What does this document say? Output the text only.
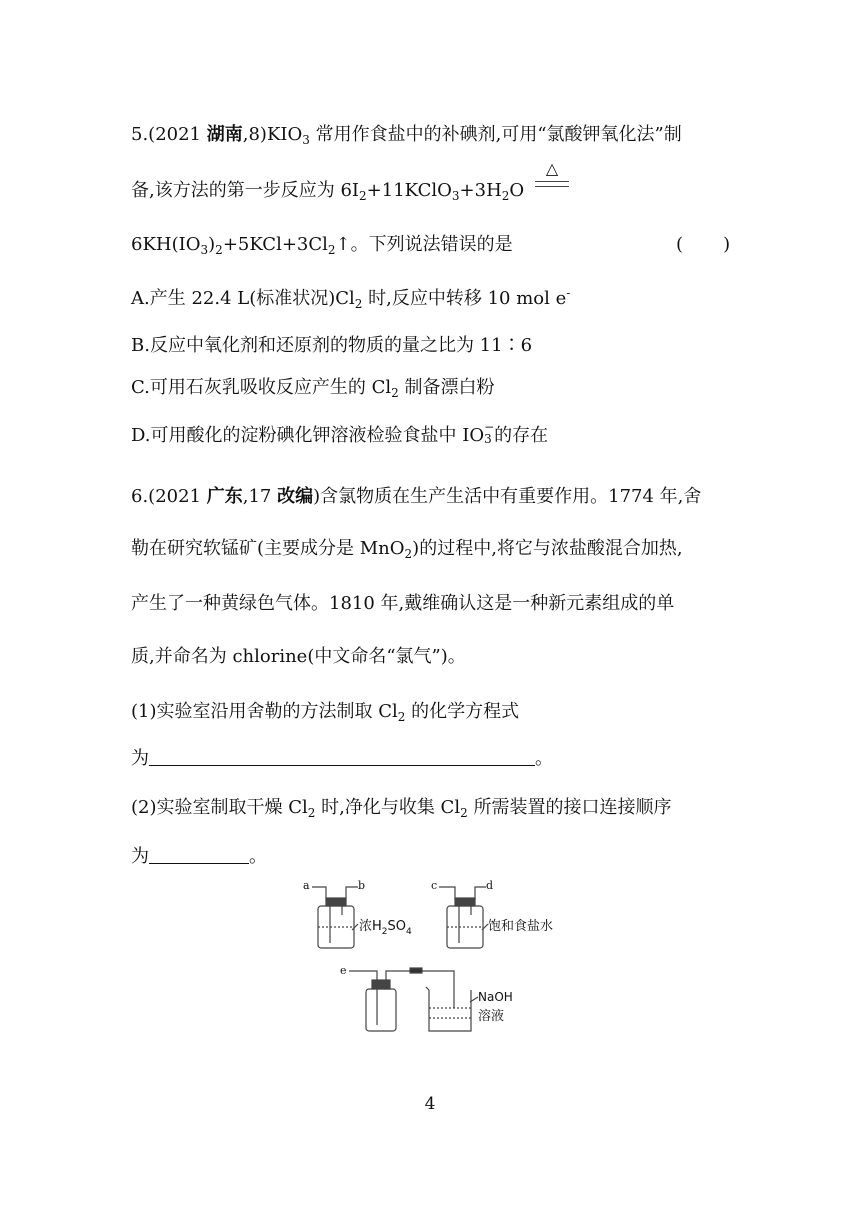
5.(2021 湖南$,8)KIO_3$ 常用作食盐中的补碘剂,可用“氯酸钾氧化法”制
备,该方法的第一步反应为 $6I_2+11KClO_3+3H_2O$
△
$6KH(IO_3)_2+5KCl+3Cl_2↑$。下列说法错误的是	(       )
A.产生 22.4 L(标准状况)$Cl_2$ 时,反应中转移 10 mol e-
B.反应中氧化剂和还原剂的物质的量之比为 11∶6
C.可用石灰乳吸收反应产生的 $Cl_2$ 制备漂白粉
D.可用酸化的淀粉碘化钾溶液检验食盐中 IO −
3 的存在
6.(2021 广东,17 改编)含氯物质在生产生活中有重要作用。1774 年,舍
勒在研究软锰矿(主要成分是 MnO$_2$)的过程中,将它与浓盐酸混合加热,
产生了一种黄绿色气体。1810 年,戴维确认这是一种新元素组成的单
质,并命名为 chlorine(中文命名“氯气”)。
(1)实验室沿用舍勒的方法制取 $Cl_2$ 的化学方程式
为	。
(2)实验室制取干燥 $Cl_2$ 时,净化与收集 $Cl_2$ 所需装置的接口连接顺序
为	。
a	b	c	d
e
浓$H_2SO_4$	饱和食盐水
NaOH
溶液
4
